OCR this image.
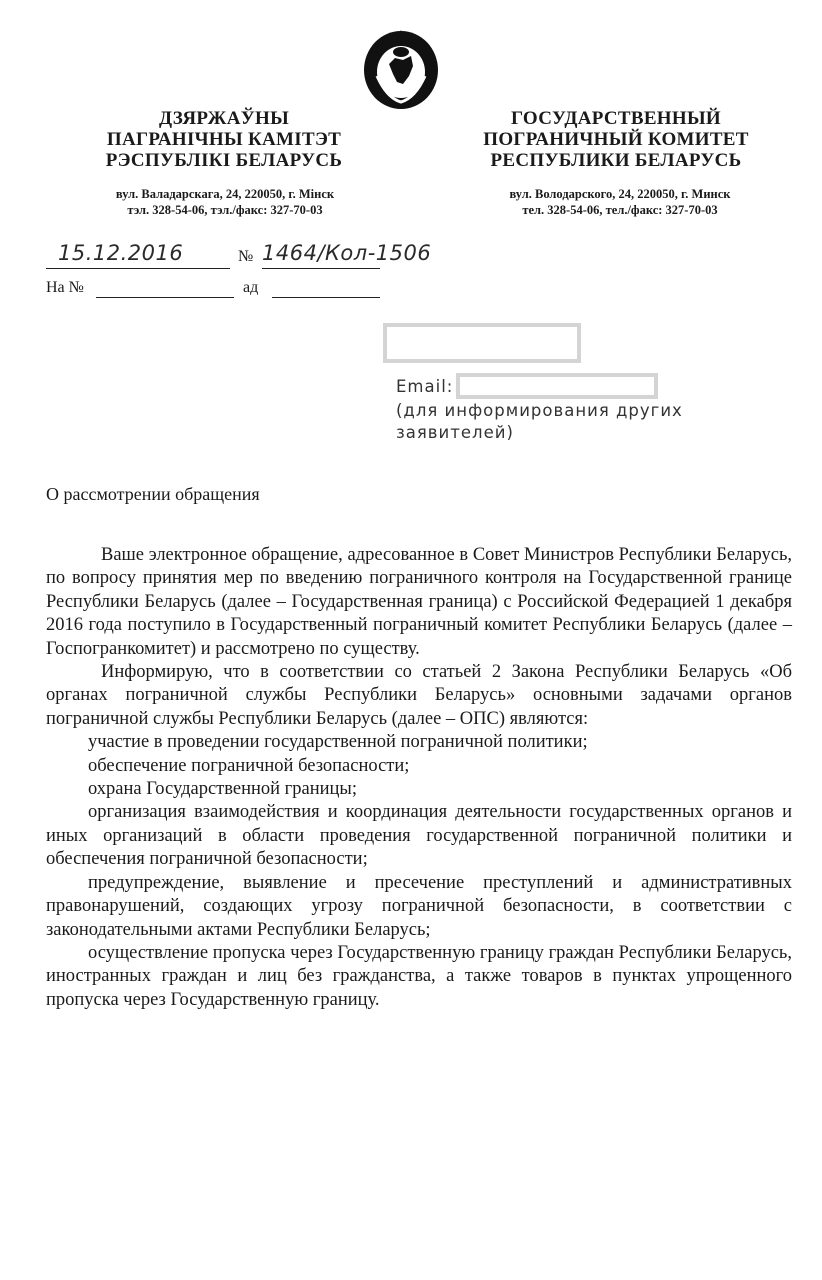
ДЗЯРЖАЎНЫ
ПАГРАНІЧНЫ КАМІТЭТ
РЭСПУБЛІКІ БЕЛАРУСЬ
вул. Валадарскага, 24, 220050, г. Мінск
тэл. 328-54-06, тэл./факс: 327-70-03
ГОСУДАРСТВЕННЫЙ
ПОГРАНИЧНЫЙ КОМИТЕТ
РЕСПУБЛИКИ БЕЛАРУСЬ
вул. Володарского, 24, 220050, г. Минск
тел. 328-54-06, тел./факс: 327-70-03
15.12.2016	№ 1464/Кол-1506
На №	ад
Email:
(для информирования других
заявителей)
О рассмотрении обращения

Ваше электронное обращение, адресованное в Совет Министров Республики Беларусь, по вопросу принятия мер по введению пограничного контроля на Государственной границе Республики Беларусь (далее – Государственная граница) с Российской Федерацией 1 декабря 2016 года поступило в Государственный пограничный комитет Республики Беларусь (далее – Госпогранкомитет) и рассмотрено по существу.

Информирую, что в соответствии со статьей 2 Закона Республики Беларусь «Об органах пограничной службы Республики Беларусь» основными задачами органов пограничной службы Республики Беларусь (далее – ОПС) являются:

участие в проведении государственной пограничной политики;

обеспечение пограничной безопасности;

охрана Государственной границы;

организация взаимодействия и координация деятельности государственных органов и иных организаций в области проведения государственной пограничной политики и обеспечения пограничной безопасности;

предупреждение, выявление и пресечение преступлений и административных правонарушений, создающих угрозу пограничной безопасности, в соответствии с законодательными актами Республики Беларусь;

осуществление пропуска через Государственную границу граждан Республики Беларусь, иностранных граждан и лиц без гражданства, а также товаров в пунктах упрощенного пропуска через Государственную границу.
